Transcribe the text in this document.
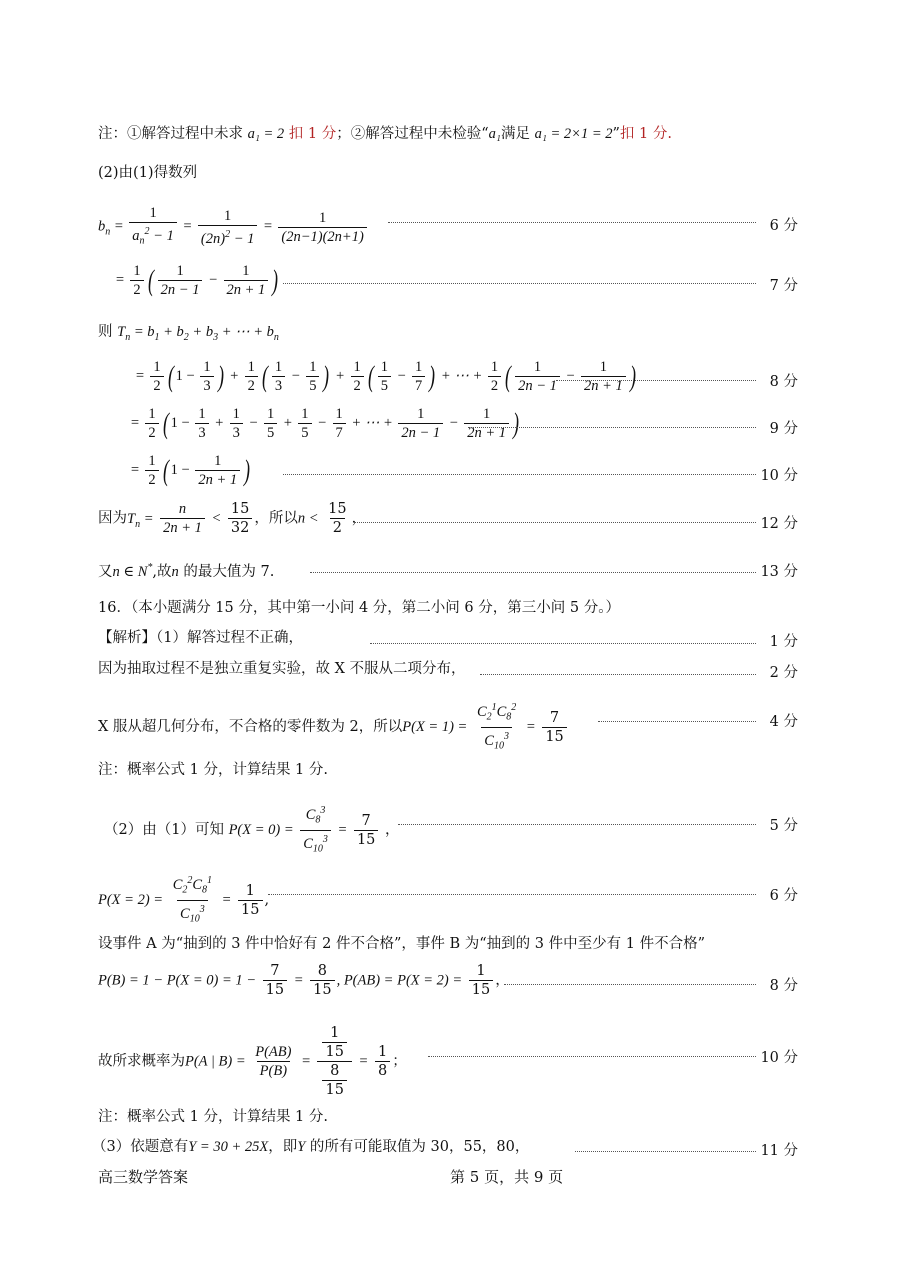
注：①解答过程中未求 a₁ = 2 扣 1 分；②解答过程中未检验“a₁满足 a₁ = 2×1 = 2”扣 1 分.
(2)由(1)得数列
$b_n = \frac{1}{a_n^2 - 1} = \frac{1}{(2n)^2 - 1} = \frac{1}{(2n-1)(2n+1)}$	6 分
= $\frac{1}{2}$ ( $\frac{1}{2n - 1} - \frac{1}{2n + 1}$ )	7 分
则 $T_n = b_1 + b_2 + b_3$ + ⋯ + $b_n$
= $\frac{1}{2}$ ( $1 - \frac{1}{3}$ ) + $\frac{1}{2}$ ( $\frac{1}{3} - \frac{1}{5}$ ) + $\frac{1}{2}$ ( $\frac{1}{5} - \frac{1}{7}$ ) + ⋯ + $\frac{1}{2}$ ( $\frac{1}{2n - 1} - \frac{1}{2n + 1}$ )	8 分
= $\frac{1}{2}$ ( $1 - \frac{1}{3} + \frac{1}{3} - \frac{1}{5} + \frac{1}{5} - \frac{1}{7}$ + ⋯ + $\frac{1}{2n - 1} - \frac{1}{2n + 1}$ )	9 分
= $\frac{1}{2}$ ( $1 - \frac{1}{2n + 1}$ )	10 分
因为$T_n = \frac{n}{2n + 1} < \frac{15}{32}$ ，所以$n < \frac{15}{2}$ ，	12 分
又n ∈ N*,故n 的最大值为 7.	13 分
16．（本小题满分 15 分，其中第一小问 4 分，第二小问 6 分，第三小问 5 分。）
【解析】（1）解答过程不正确，	1 分
因为抽取过程不是独立重复实验，故 X 不服从二项分布，	2 分
X 服从超几何分布，不合格的零件数为 2，所以$P(X = 1) = \frac{C_2^1C_8^2}{C_{10}^3} = \frac{7}{15}$	4 分
注：概率公式 1 分，计算结果 1 分.
（2）由（1）可知 $P(X = 0) = \frac{C_8^3}{C_{10}^3} = \frac{7}{15}$ ，	5 分
$P(X = 2) = \frac{C_2^2C_8^1}{C_{10}^3} = \frac{1}{15}$ ,	6 分
设事件 A 为“抽到的 3 件中恰好有 2 件不合格”，事件 B 为“抽到的 3 件中至少有 1 件不合格”
$P(B) = 1 - P(X = 0) = 1 - \frac{7}{15} = \frac{8}{15}$ , $P(AB) = P(X = 2) = \frac{1}{15}$ ，	8 分
故所求概率为P(A | $B) = \frac{P(AB)}{P(B)} = \frac{\frac{1}{15}}{\frac{8}{15}} = \frac{1}{8}$ ；	10 分
注：概率公式 1 分，计算结果 1 分.
（3）依题意有Y = 30 + 25X，即Y 的所有可能取值为 30，55，80，	11 分
高三数学答案	第 5 页，共 9 页
